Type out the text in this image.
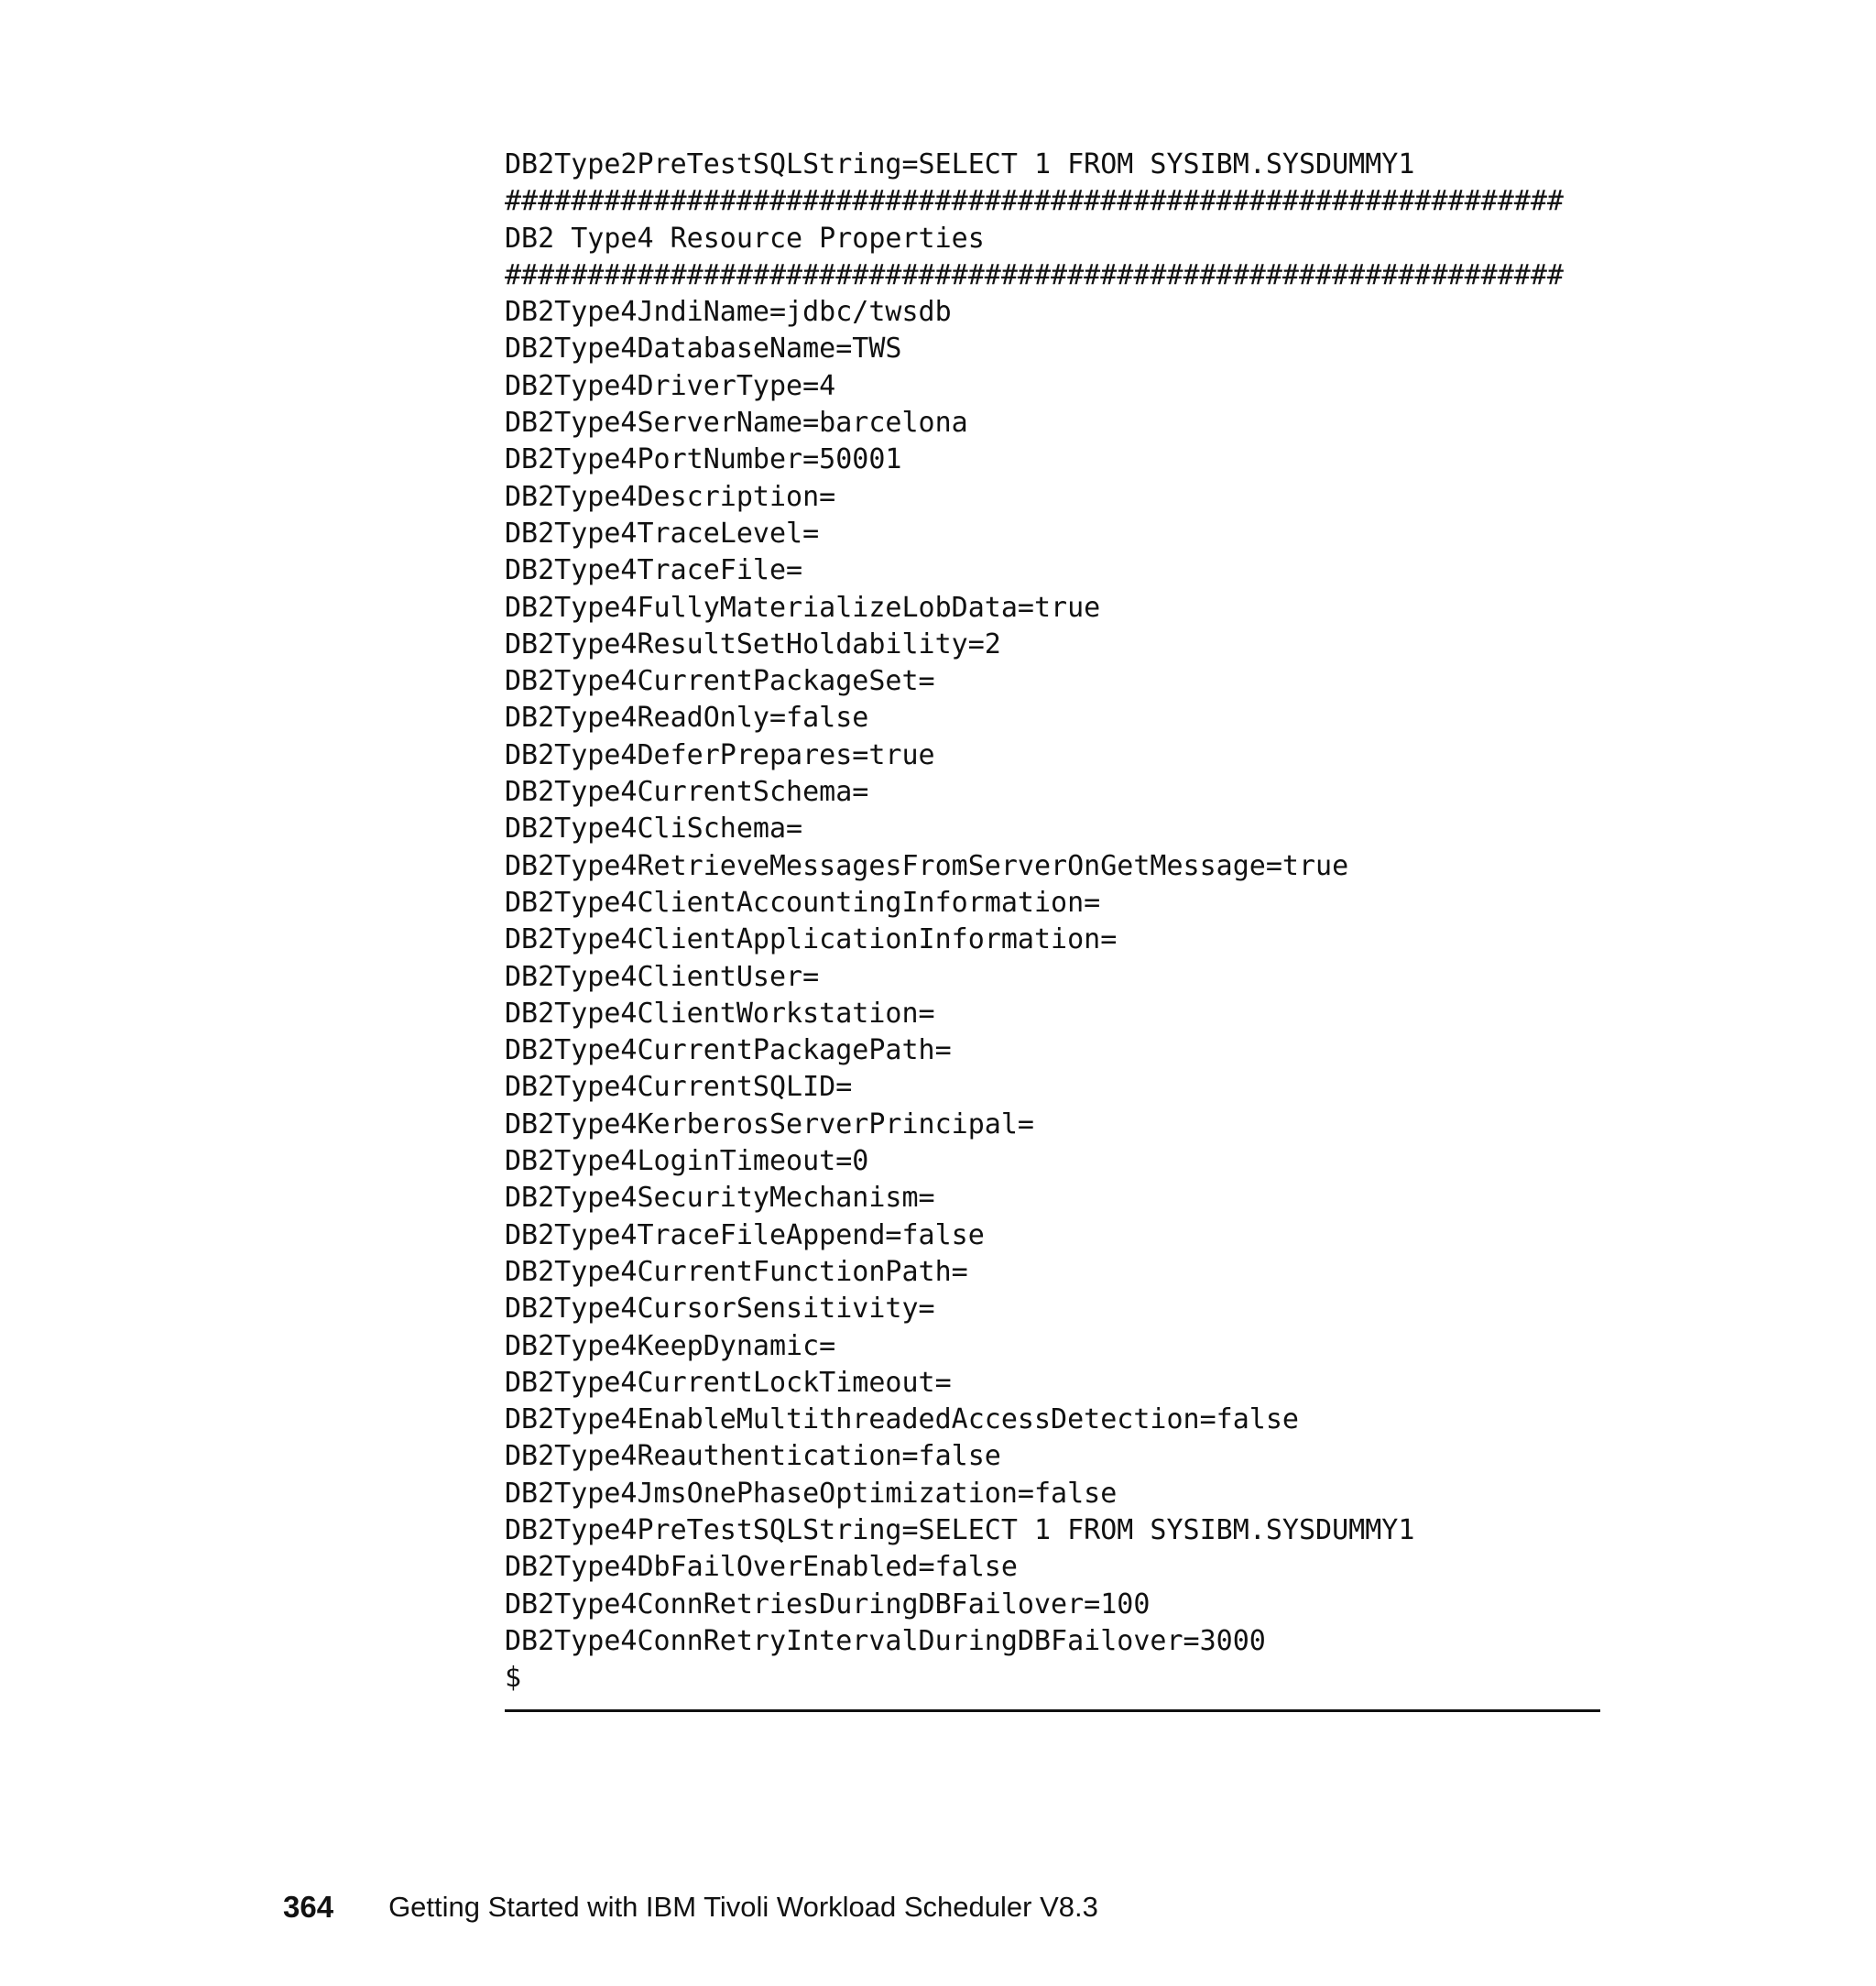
DB2Type2PreTestSQLString=SELECT 1 FROM SYSIBM.SYSDUMMY1
################################################################
DB2 Type4 Resource Properties
################################################################
DB2Type4JndiName=jdbc/twsdb
DB2Type4DatabaseName=TWS
DB2Type4DriverType=4
DB2Type4ServerName=barcelona
DB2Type4PortNumber=50001
DB2Type4Description=
DB2Type4TraceLevel=
DB2Type4TraceFile=
DB2Type4FullyMaterializeLobData=true
DB2Type4ResultSetHoldability=2
DB2Type4CurrentPackageSet=
DB2Type4ReadOnly=false
DB2Type4DeferPrepares=true
DB2Type4CurrentSchema=
DB2Type4CliSchema=
DB2Type4RetrieveMessagesFromServerOnGetMessage=true
DB2Type4ClientAccountingInformation=
DB2Type4ClientApplicationInformation=
DB2Type4ClientUser=
DB2Type4ClientWorkstation=
DB2Type4CurrentPackagePath=
DB2Type4CurrentSQLID=
DB2Type4KerberosServerPrincipal=
DB2Type4LoginTimeout=0
DB2Type4SecurityMechanism=
DB2Type4TraceFileAppend=false
DB2Type4CurrentFunctionPath=
DB2Type4CursorSensitivity=
DB2Type4KeepDynamic=
DB2Type4CurrentLockTimeout=
DB2Type4EnableMultithreadedAccessDetection=false
DB2Type4Reauthentication=false
DB2Type4JmsOnePhaseOptimization=false
DB2Type4PreTestSQLString=SELECT 1 FROM SYSIBM.SYSDUMMY1
DB2Type4DbFailOverEnabled=false
DB2Type4ConnRetriesDuringDBFailover=100
DB2Type4ConnRetryIntervalDuringDBFailover=3000
$
364 Getting Started with IBM Tivoli Workload Scheduler V8.3
